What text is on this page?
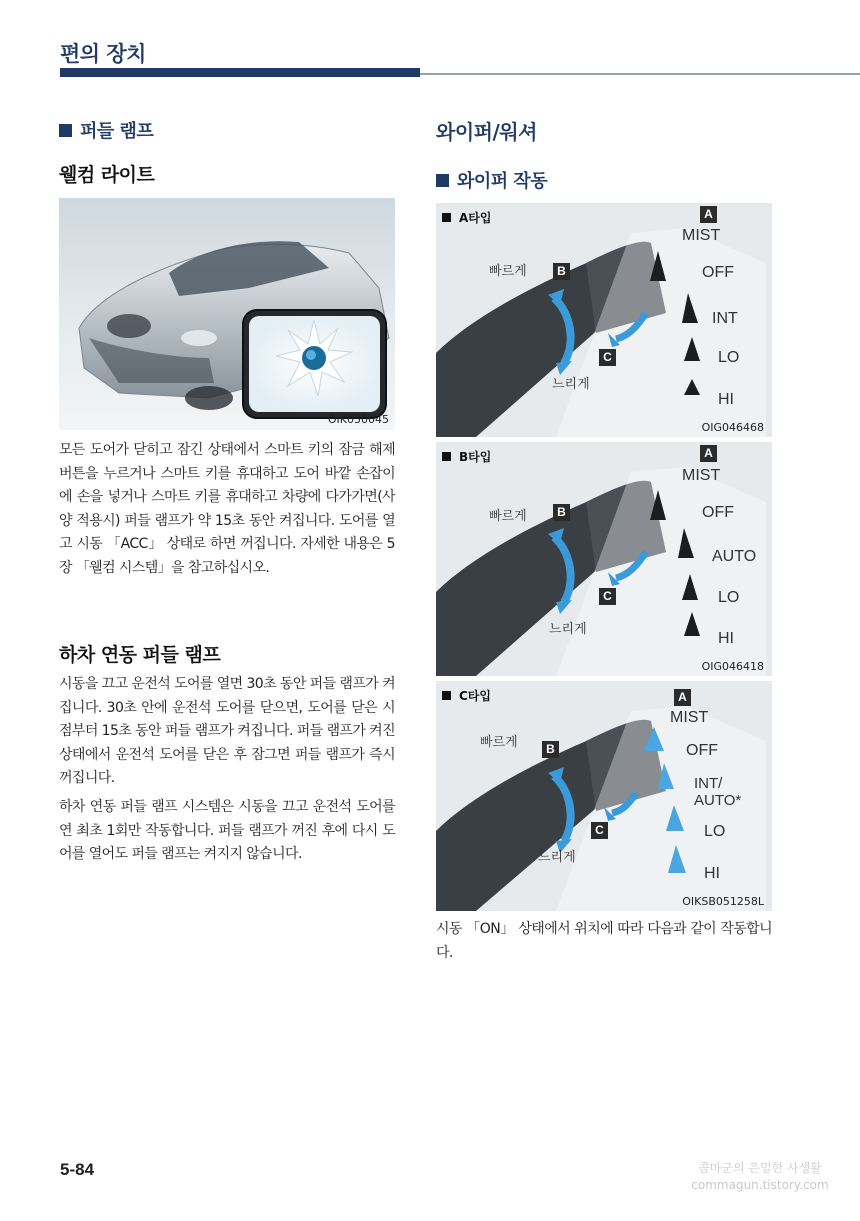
편의 장치
퍼들 램프
웰컴 라이트
OIK050045
모든 도어가 닫히고 잠긴 상태에서 스마트 키의 잠금 해제 버튼을 누르거나 스마트 키를 휴대하고 도어 바깥 손잡이에 손을 넣거나 스마트 키를 휴대하고 차량에 다가가면(사양 적용시) 퍼들 램프가 약 15초 동안 켜집니다. 도어를 열고 시동 「ACC」 상태로 하면 꺼집니다. 자세한 내용은 5장 「웰컴 시스템」을 참고하십시오.
하차 연동 퍼들 램프
시동을 끄고 운전석 도어를 열면 30초 동안 퍼들 램프가 켜집니다. 30초 안에 운전석 도어를 닫으면, 도어를 닫은 시점부터 15초 동안 퍼들 램프가 켜집니다. 퍼들 램프가 켜진 상태에서 운전석 도어를 닫은 후 잠그면 퍼들 램프가 즉시 꺼집니다.
하차 연동 퍼들 램프 시스템은 시동을 끄고 운전석 도어를 연 최초 1회만 작동합니다. 퍼들 램프가 꺼진 후에 다시 도어를 열어도 퍼들 램프는 켜지지 않습니다.
와이퍼/워셔
와이퍼 작동
A타입	A
B
C
MIST
OFF
INT
LO
HI
빠르게
느리게
OIG046468
B타입	A
B
C
MIST
OFF
AUTO
LO
HI
빠르게
느리게
OIG046418
C타입	A
B
C
MIST
OFF
INT/
AUTO*
LO
HI
빠르게
느리게
OIKSB051258L
시동 「ON」 상태에서 위치에 따라 다음과 같이 작동합니다.
5-84	콤마군의 은밀한 사생활
commagun.tistory.com
